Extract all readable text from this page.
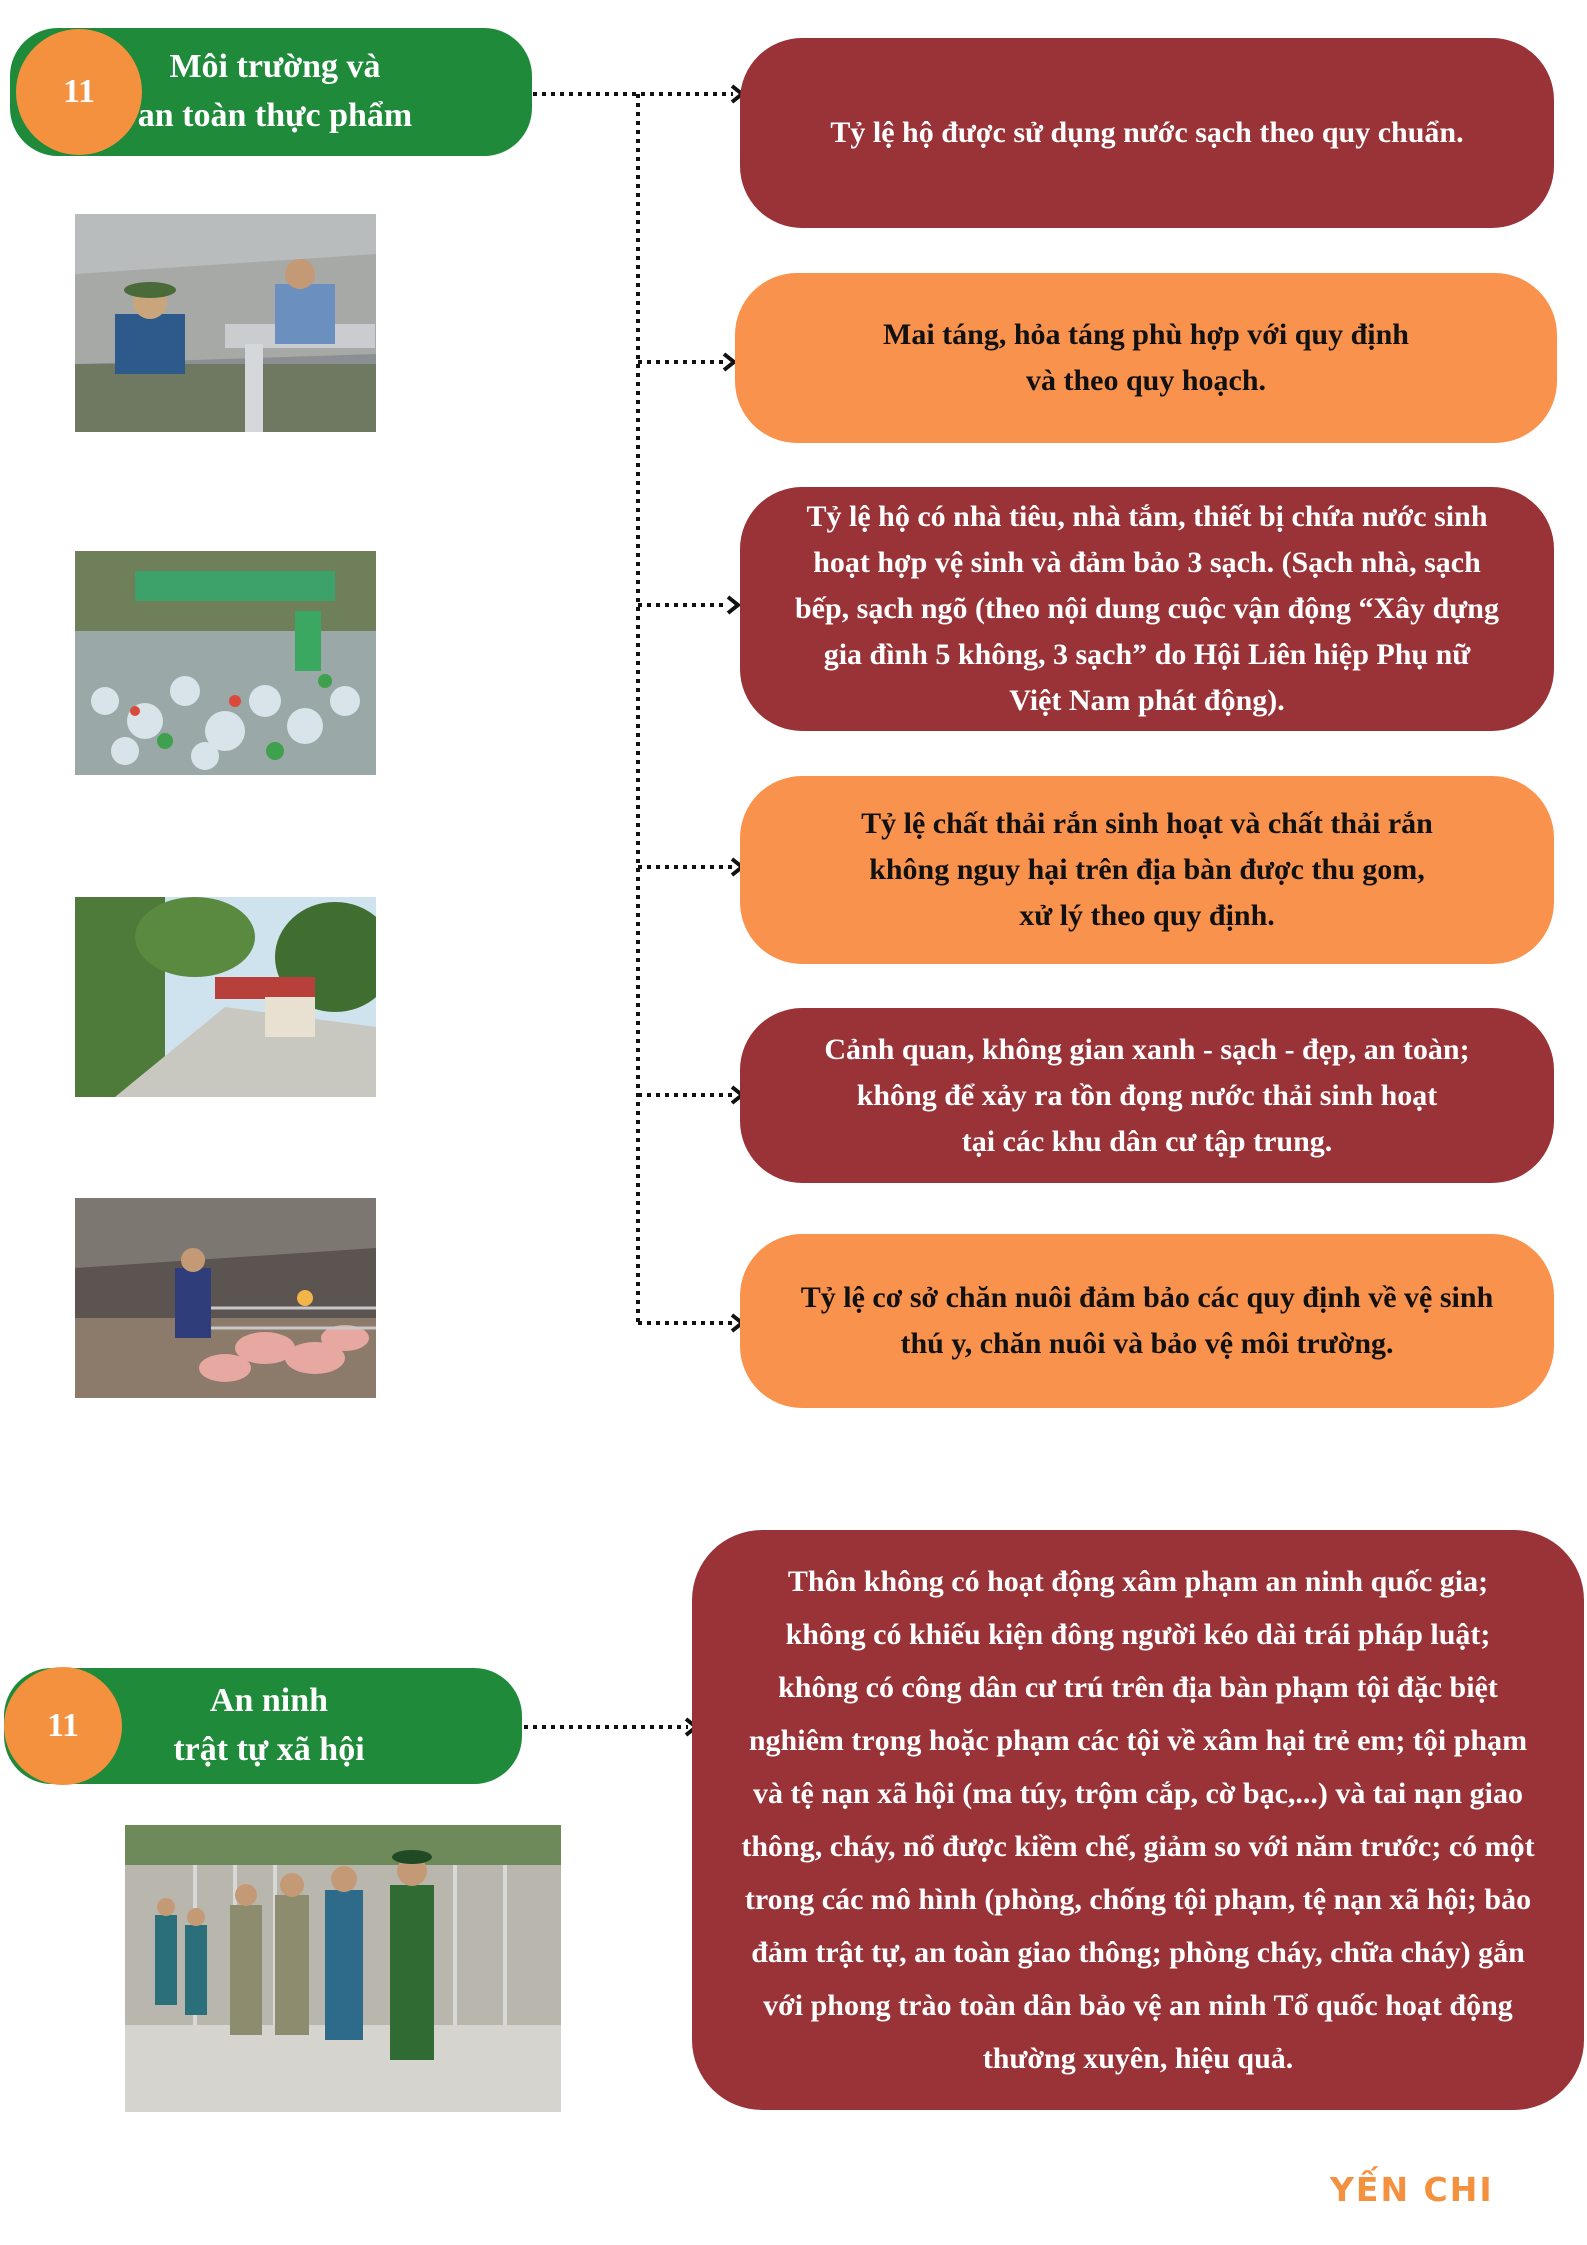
11
Môi trường và
an toàn thực phẩm	Tỷ lệ hộ được sử dụng nước sạch theo quy chuẩn.
Mai táng, hỏa táng phù hợp với quy định
và theo quy hoạch.
Tỷ lệ hộ có nhà tiêu, nhà tắm, thiết bị chứa nước sinh
hoạt hợp vệ sinh và đảm bảo 3 sạch. (Sạch nhà, sạch
bếp, sạch ngõ (theo nội dung cuộc vận động “Xây dựng
gia đình 5 không, 3 sạch” do Hội Liên hiệp Phụ nữ
Việt Nam phát động).
Tỷ lệ chất thải rắn sinh hoạt và chất thải rắn
không nguy hại trên địa bàn được thu gom,
xử lý theo quy định.
Cảnh quan, không gian xanh - sạch - đẹp, an toàn;
không để xảy ra tồn đọng nước thải sinh hoạt
tại các khu dân cư tập trung.
Tỷ lệ cơ sở chăn nuôi đảm bảo các quy định về vệ sinh
thú y, chăn nuôi và bảo vệ môi trường.
11
An ninh
trật tự xã hội
Thôn không có hoạt động xâm phạm an ninh quốc gia;
không có khiếu kiện đông người kéo dài trái pháp luật;
không có công dân cư trú trên địa bàn phạm tội đặc biệt
nghiêm trọng hoặc phạm các tội về xâm hại trẻ em; tội phạm
và tệ nạn xã hội (ma túy, trộm cắp, cờ bạc,...) và tai nạn giao
thông, cháy, nổ được kiềm chế, giảm so với năm trước; có một
trong các mô hình (phòng, chống tội phạm, tệ nạn xã hội; bảo
đảm trật tự, an toàn giao thông; phòng cháy, chữa cháy) gắn
với phong trào toàn dân bảo vệ an ninh Tổ quốc hoạt động
thường xuyên, hiệu quả.
YẾN CHI
